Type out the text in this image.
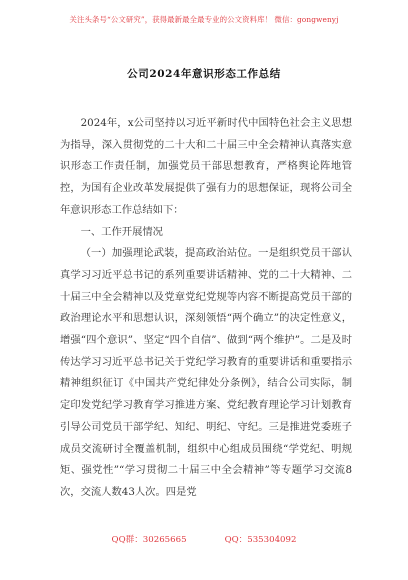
关注头条号“公文研究”，获得最新最全最专业的公文资料库！ 微信：gongwenyj
公司2024年意识形态工作总结

2024年，x公司坚持以习近平新时代中国特色社会主义思想为指导，深入贯彻党的二十大和二十届三中全会精神认真落实意识形态工作责任制，加强党员干部思想教育，严格舆论阵地管控，为国有企业改革发展提供了强有力的思想保证，现将公司全年意识形态工作总结如下：

一、工作开展情况

（一）加强理论武装，提高政治站位。一是组织党员干部认真学习习近平总书记的系列重要讲话精神、党的二十大精神、二十届三中全会精神以及党章党纪党规等内容不断提高党员干部的政治理论水平和思想认识，深刻领悟“两个确立”的决定性意义，增强“四个意识”、坚定“四个自信”、做到“两个维护”。二是及时传达学习习近平总书记关于党纪学习教育的重要讲话和重要指示精神组织征订《中国共产党纪律处分条例》，结合公司实际，制定印发党纪学习教育学习推进方案、党纪教育理论学习计划教育引导公司党员干部学纪、知纪、明纪、守纪。三是推进党委班子成员交流研讨全覆盖机制，组织中心组成员围绕“学党纪、明规矩、强党性”“学习贯彻二十届三中全会精神”等专题学习交流8次，交流人数43人次。四是党

QQ群：30265665	QQ：535304092
